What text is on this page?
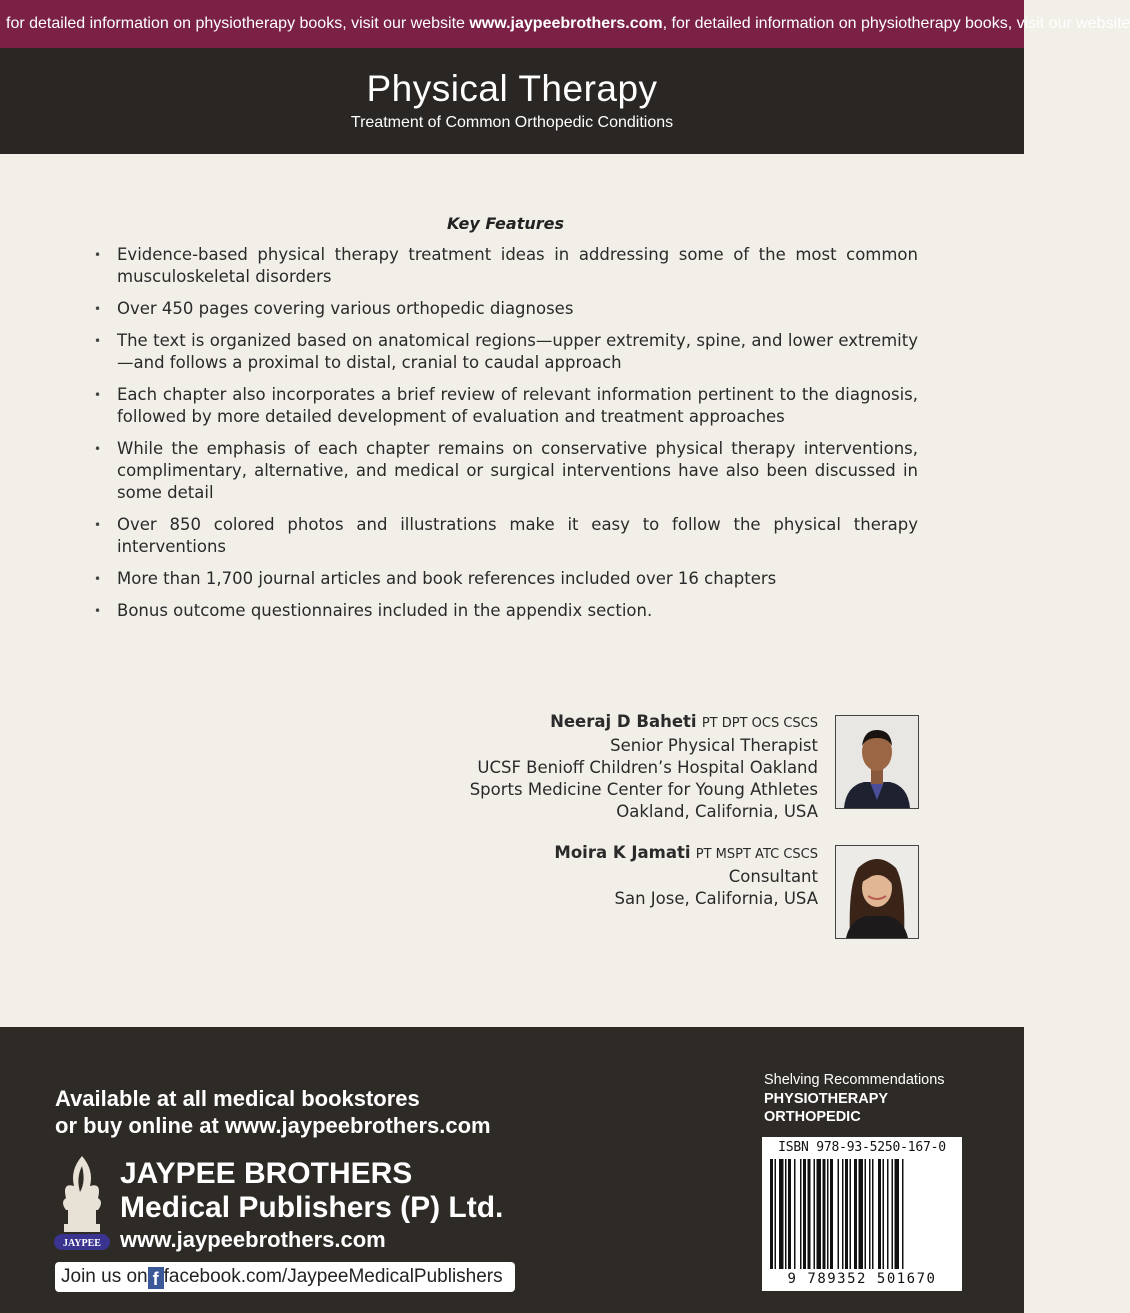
for detailed information on physiotherapy books, visit our website www.jaypeebrothers.com, for detailed information on physiotherapy books, visit our website
Physical Therapy
Treatment of Common Orthopedic Conditions
Key Features
• Evidence-based physical therapy treatment ideas in addressing some of the most common musculoskeletal disorders
• Over 450 pages covering various orthopedic diagnoses
• The text is organized based on anatomical regions—upper extremity, spine, and lower extremity—and follows a proximal to distal, cranial to caudal approach
• Each chapter also incorporates a brief review of relevant information pertinent to the diagnosis, followed by more detailed development of evaluation and treatment approaches
• While the emphasis of each chapter remains on conservative physical therapy interventions, complimentary, alternative, and medical or surgical interventions have also been discussed in some detail
• Over 850 colored photos and illustrations make it easy to follow the physical therapy interventions
• More than 1,700 journal articles and book references included over 16 chapters
• Bonus outcome questionnaires included in the appendix section.
Neeraj D Baheti PT DPT OCS CSCS
Senior Physical Therapist
UCSF Benioff Children’s Hospital Oakland
Sports Medicine Center for Young Athletes
Oakland, California, USA
Moira K Jamati PT MSPT ATC CSCS
Consultant
San Jose, California, USA
Available at all medical bookstores
or buy online at www.jaypeebrothers.com
JAYPEE
JAYPEE BROTHERS
Medical Publishers (P) Ltd.
www.jaypeebrothers.com
Join us on f facebook.com/JaypeeMedicalPublishers
Shelving Recommendations
PHYSIOTHERAPY
ORTHOPEDIC
ISBN 978-93-5250-167-0
9 789352 501670
